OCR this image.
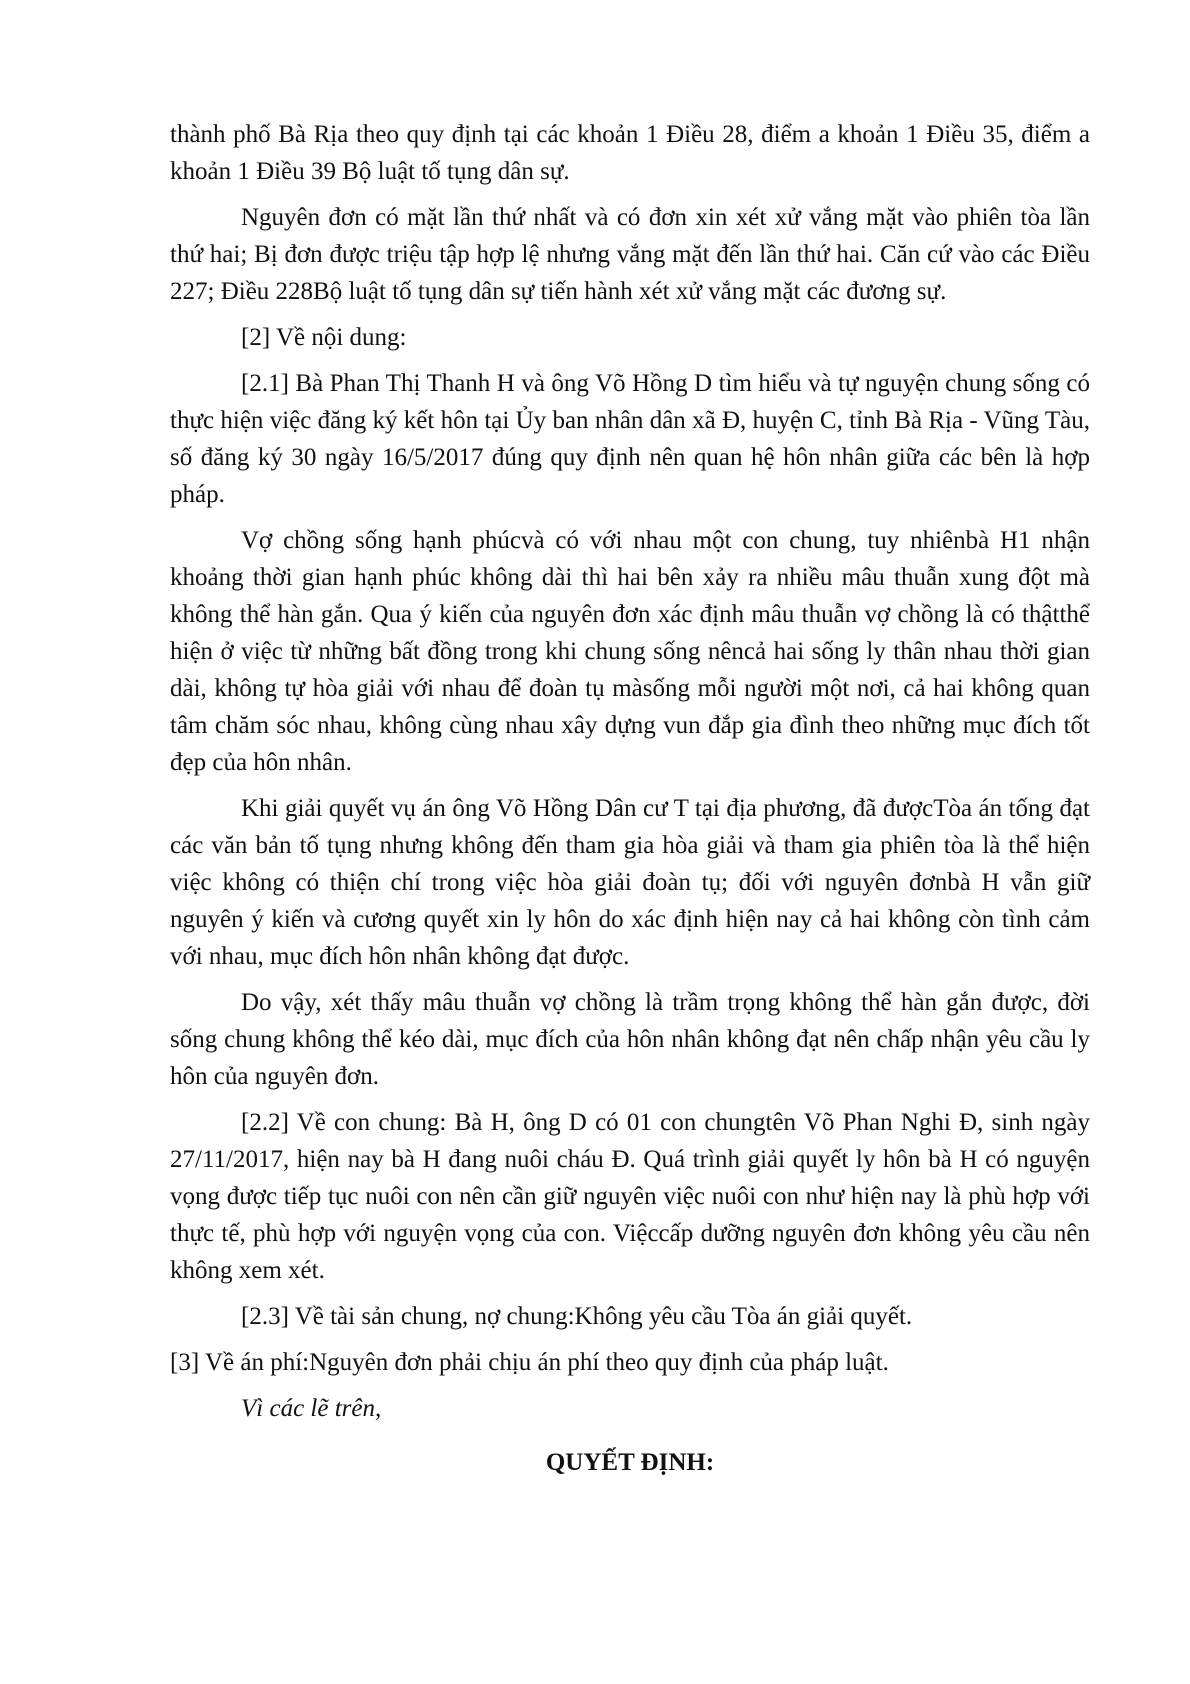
thành phố Bà Rịa theo quy định tại các khoản 1 Điều 28, điểm a khoản 1 Điều 35, điểm a khoản 1 Điều 39 Bộ luật tố tụng dân sự.

Nguyên đơn có mặt lần thứ nhất và có đơn xin xét xử vắng mặt vào phiên tòa lần thứ hai; Bị đơn được triệu tập hợp lệ nhưng vắng mặt đến lần thứ hai. Căn cứ vào các Điều 227; Điều 228Bộ luật tố tụng dân sự tiến hành xét xử vắng mặt các đương sự.

[2] Về nội dung:

[2.1] Bà Phan Thị Thanh H và ông Võ Hồng D tìm hiểu và tự nguyện chung sống có thực hiện việc đăng ký kết hôn tại Ủy ban nhân dân xã Đ, huyện C, tỉnh Bà Rịa - Vũng Tàu, số đăng ký 30 ngày 16/5/2017 đúng quy định nên quan hệ hôn nhân giữa các bên là hợp pháp.

Vợ chồng sống hạnh phúcvà có với nhau một con chung, tuy nhiênbà H1 nhận khoảng thời gian hạnh phúc không dài thì hai bên xảy ra nhiều mâu thuẫn xung đột mà không thể hàn gắn. Qua ý kiến của nguyên đơn xác định mâu thuẫn vợ chồng là có thậtthể hiện ở việc từ những bất đồng trong khi chung sống nêncả hai sống ly thân nhau thời gian dài, không tự hòa giải với nhau để đoàn tụ màsống mỗi người một nơi, cả hai không quan tâm chăm sóc nhau, không cùng nhau xây dựng vun đắp gia đình theo những mục đích tốt đẹp của hôn nhân.

Khi giải quyết vụ án ông Võ Hồng Dân cư T tại địa phương, đã đượcTòa án tống đạt các văn bản tố tụng nhưng không đến tham gia hòa giải và tham gia phiên tòa là thể hiện việc không có thiện chí trong việc hòa giải đoàn tụ; đối với nguyên đơnbà H vẫn giữ nguyên ý kiến và cương quyết xin ly hôn do xác định hiện nay cả hai không còn tình cảm với nhau, mục đích hôn nhân không đạt được.

Do vậy, xét thấy mâu thuẫn vợ chồng là trầm trọng không thể hàn gắn được, đời sống chung không thể kéo dài, mục đích của hôn nhân không đạt nên chấp nhận yêu cầu ly hôn của nguyên đơn.

[2.2] Về con chung: Bà H, ông D có 01 con chungtên Võ Phan Nghi Đ, sinh ngày 27/11/2017, hiện nay bà H đang nuôi cháu Đ. Quá trình giải quyết ly hôn bà H có nguyện vọng được tiếp tục nuôi con nên cần giữ nguyên việc nuôi con như hiện nay là phù hợp với thực tế, phù hợp với nguyện vọng của con. Việccấp dưỡng nguyên đơn không yêu cầu nên không xem xét.

[2.3] Về tài sản chung, nợ chung:Không yêu cầu Tòa án giải quyết.

[3] Về án phí:Nguyên đơn phải chịu án phí theo quy định của pháp luật.

Vì các lẽ trên,

QUYẾT ĐỊNH:
